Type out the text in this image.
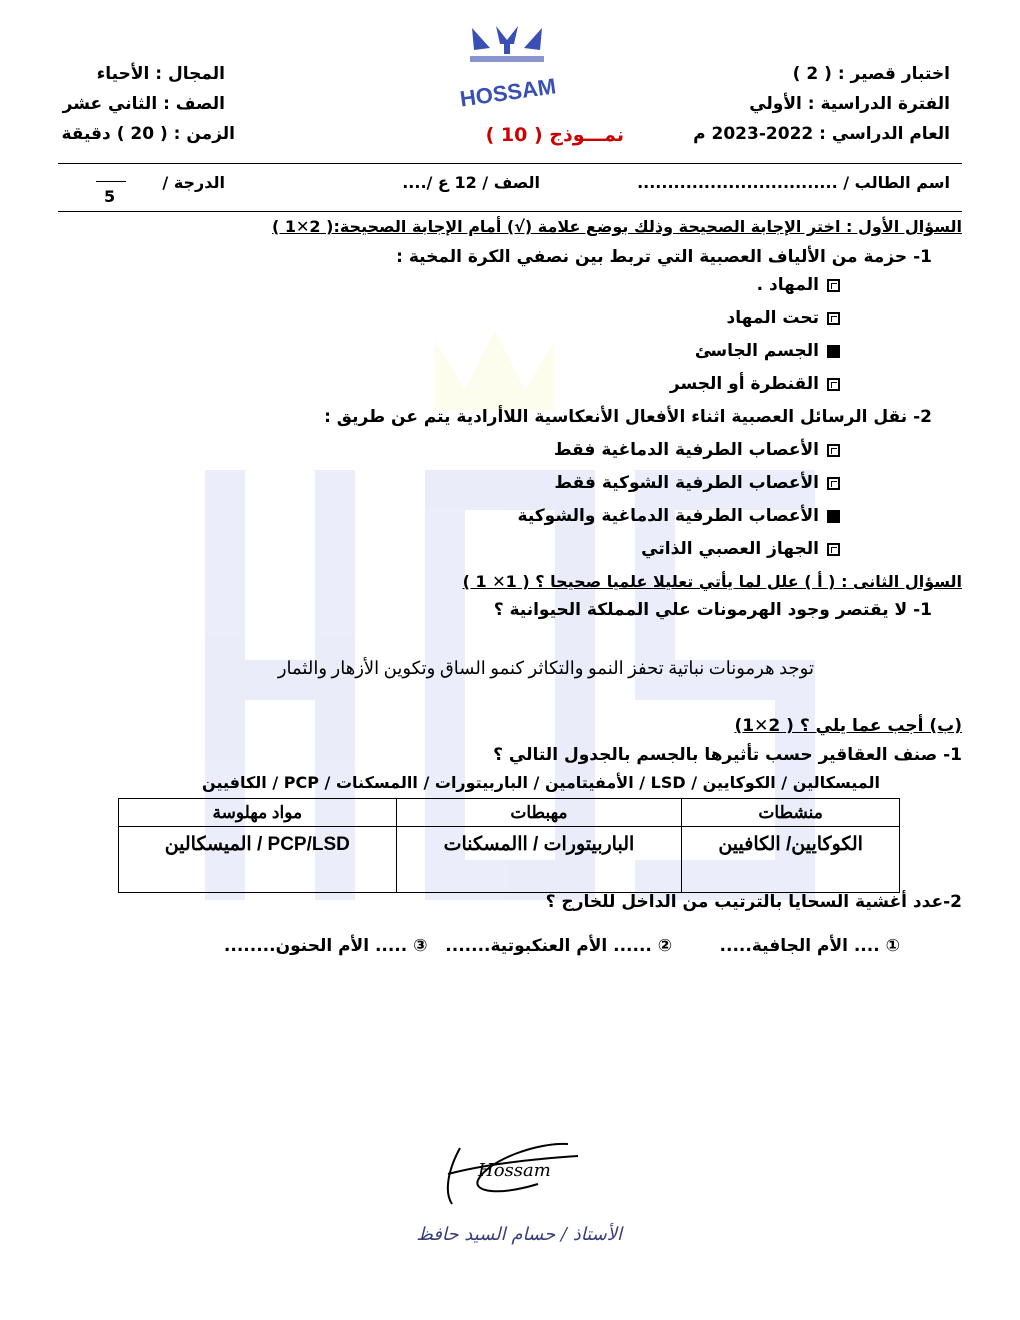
اختبار قصير : ( 2 )
الفترة الدراسية : الأولي
العام الدراسي : 2022-2023 م
المجال : الأحياء
الصف : الثاني عشر
الزمن : ( 20 ) دقيقة
HOSSAM
نمـــوذج ( 10 )
اسم الطالب / .................................
الصف / 12 ع /....
الدرجة /
5
السؤال الأول : اختر الإجابة الصحيحة وذلك بوضع علامة (√) أمام الإجابة الصحيحة:( 2✕1 )
1- حزمة من الألياف العصبية التي تربط بين نصفي الكرة المخية :
المهاد .
تحت المهاد
الجسم الجاسئ
القنطرة أو الجسر
2- نقل الرسائل العصبية اثناء الأفعال الأنعكاسية اللاأرادية يتم عن طريق :
الأعصاب الطرفية الدماغية فقط
الأعصاب الطرفية الشوكية فقط
الأعصاب الطرفية الدماغية والشوكية
الجهاز العصبي الذاتي
السؤال الثانى : ( أ ) علل لما يأتي تعليلا علميا صحيحا ؟ ( 1✕ 1 )
1- لا يقتصر وجود الهرمونات علي المملكة الحيوانية ؟
توجد هرمونات نباتية تحفز النمو والتكاثر كنمو الساق وتكوين الأزهار والثمار
(ب) أجب عما يلي ؟ ( 2✕1)
1- صنف العقاقير حسب تأثيرها بالجسم بالجدول التالي ؟
الميسكالين / الكوكايين / LSD / الأمفيتامين / الباربيتورات / االمسكنات / PCP / الكافيين
منشطات	مهبطات	مواد مهلوسة
الكوكايين/ الكافيين	الباربيتورات / االمسكنات	PCP/LSD / الميسكالين
2-عدد أغشية السحايا بالترتيب من الداخل للخارج ؟
① .... الأم الجافية.....        ② ...... الأم العنكبوتية.......   ③ ..... الأم الحنون........
Hossam
الأستاذ / حسام السيد حافظ
